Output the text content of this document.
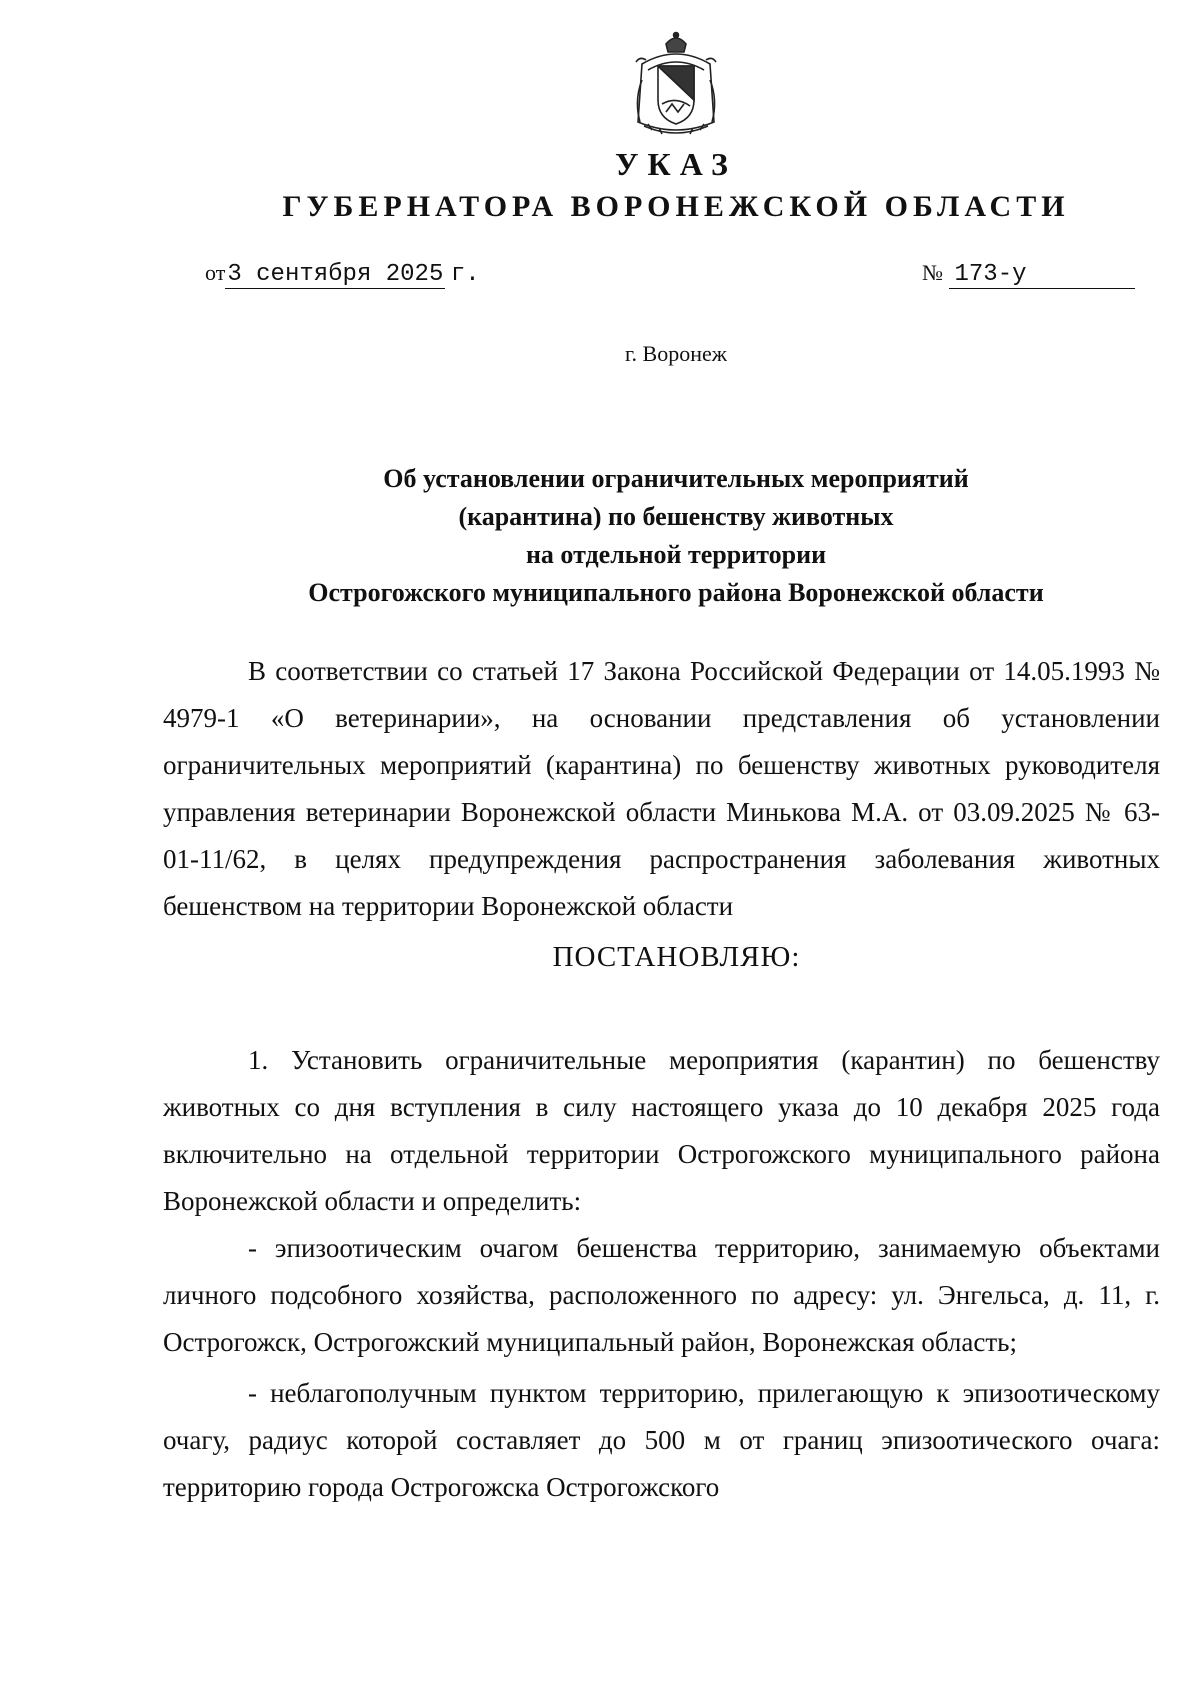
УКАЗ
ГУБЕРНАТОРА ВОРОНЕЖСКОЙ ОБЛАСТИ
от3 сентября 2025 г.	№ 173-у
г. Воронеж
Об установлении ограничительных мероприятий
(карантина) по бешенству животных
на отдельной территории
Острогожского муниципального района Воронежской области

В соответствии со статьей 17 Закона Российской Федерации от 14.05.1993 № 4979-1 «О ветеринарии», на основании представления об установлении ограничительных мероприятий (карантина) по бешенству животных руководителя управления ветеринарии Воронежской области Минькова М.А. от 03.09.2025 № 63-01-11/62, в целях предупреждения распространения заболевания животных бешенством на территории Воронежской области

ПОСТАНОВЛЯЮ:

1. Установить ограничительные мероприятия (карантин) по бешенству животных со дня вступления в силу настоящего указа до 10 декабря 2025 года включительно на отдельной территории Острогожского муниципального района Воронежской области и определить:

- эпизоотическим очагом бешенства территорию, занимаемую объектами личного подсобного хозяйства, расположенного по адресу: ул. Энгельса, д. 11, г. Острогожск, Острогожский муниципальный район, Воронежская область;

- неблагополучным пунктом территорию, прилегающую к эпизоотическому очагу, радиус которой составляет до 500 м от границ эпизоотического очага: территорию города Острогожска Острогожского
